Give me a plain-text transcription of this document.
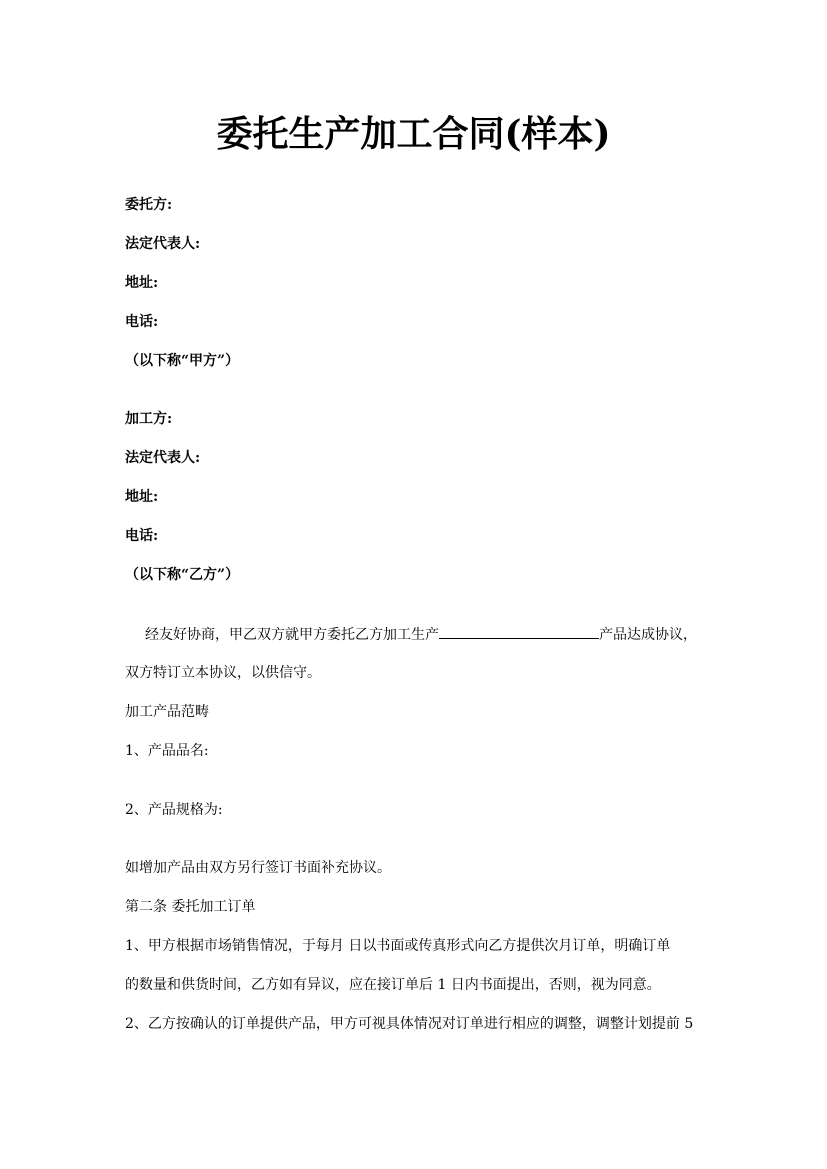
委托生产加工合同(样本)
委托方:
法定代表人:
地址:
电话:
（以下称“甲方”）
加工方:
法定代表人:
地址:
电话:
（以下称“乙方”）
经友好协商，甲乙双方就甲方委托乙方加工生产	产品达成协议，
双方特订立本协议，以供信守。
加工产品范畴
1、产品品名:
2、产品规格为:
如增加产品由双方另行签订书面补充协议。
第二条 委托加工订单
1、甲方根据市场销售情况，于每月 日以书面或传真形式向乙方提供次月订单，明确订单
的数量和供货时间，乙方如有异议，应在接订单后 1 日内书面提出，否则，视为同意。
2、乙方按确认的订单提供产品，甲方可视具体情况对订单进行相应的调整，调整计划提前 5
